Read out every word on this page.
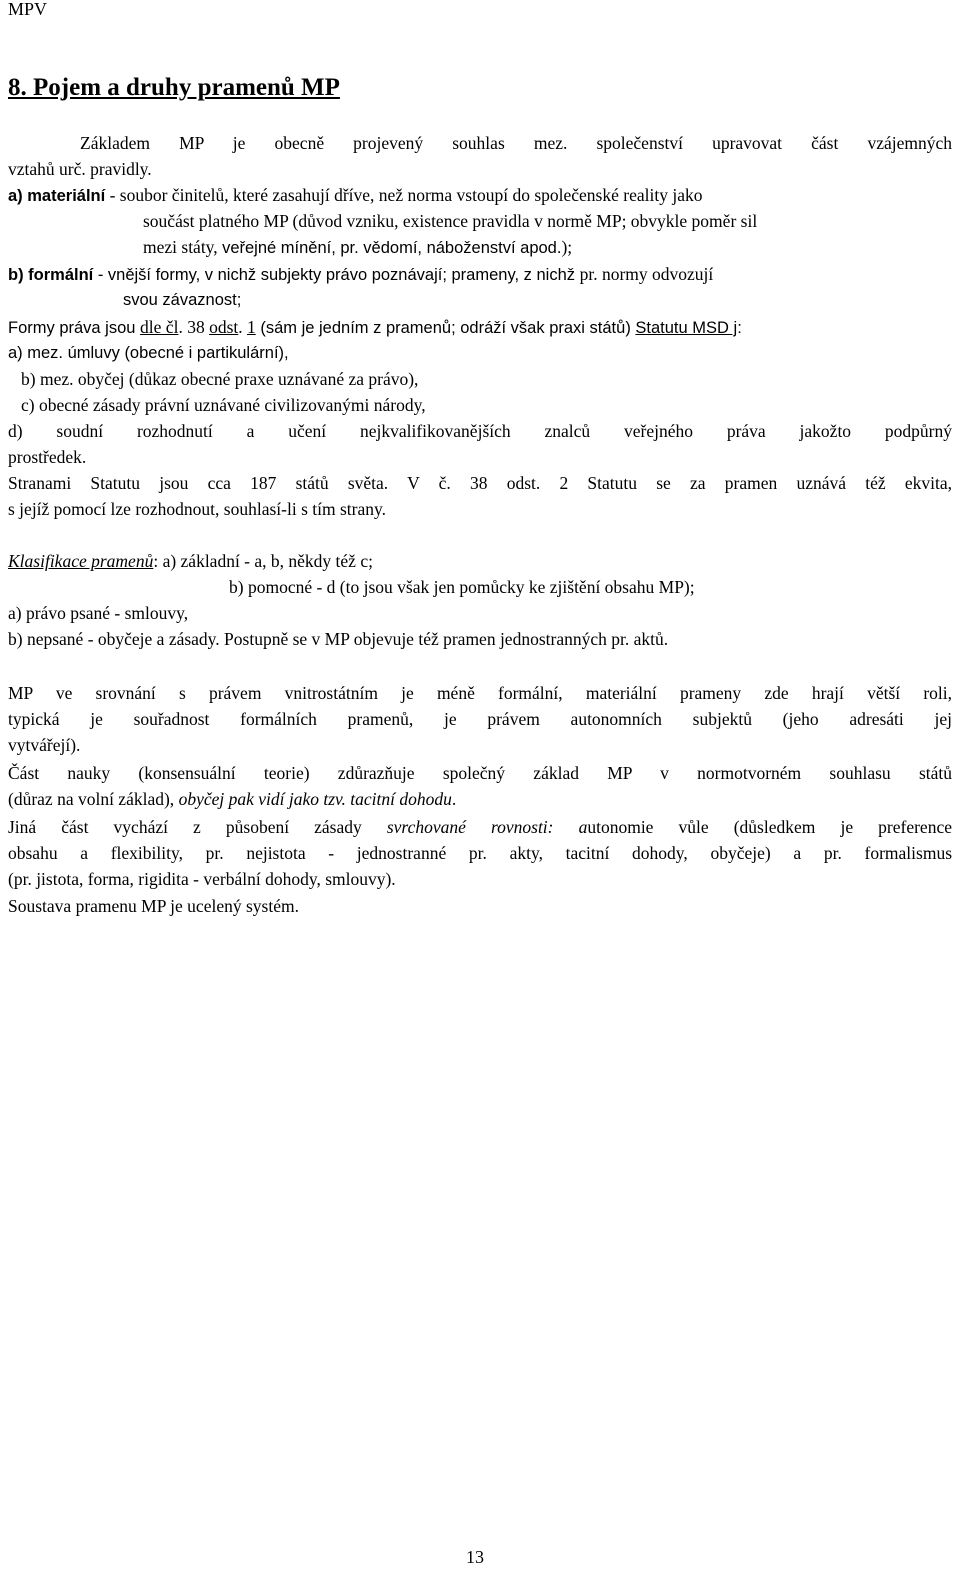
MPV
8. Pojem a druhy pramenů MP

Základem MP je obecně projevený souhlas mez. společenství upravovat část vzájemných

vztahů urč. pravidly.

a) materiální - soubor činitelů, které zasahují dříve, než norma vstoupí do společenské reality jako

součást platného MP (důvod vzniku, existence pravidla v normě MP; obvykle poměr sil

mezi státy, veřejné mínění, pr. vědomí, náboženství apod.);

b) formální - vnější formy, v nichž subjekty právo poznávají; prameny, z nichž pr. normy odvozují

svou závaznost;

Formy práva jsou dle čl. 38 odst. 1 (sám je jedním z pramenů; odráží však praxi států) Statutu MSD j:

a) mez. úmluvy (obecné i partikulární),

b) mez. obyčej (důkaz obecné praxe uznávané za právo),

c) obecné zásady právní uznávané civilizovanými národy,

d) soudní rozhodnutí a učení nejkvalifikovanějších znalců veřejného práva jakožto podpůrný

prostředek.

Stranami Statutu jsou cca 187 států světa. V č. 38 odst. 2 Statutu se za pramen uznává též ekvita,

s jejíž pomocí lze rozhodnout, souhlasí-li s tím strany.

Klasifikace pramenů: a) základní - a, b, někdy též c;

b) pomocné - d (to jsou však jen pomůcky ke zjištění obsahu MP);

a) právo psané - smlouvy,

b) nepsané - obyčeje a zásady. Postupně se v MP objevuje též pramen jednostranných pr. aktů.

MP ve srovnání s právem vnitrostátním je méně formální, materiální prameny zde hrají větší roli,

typická je souřadnost formálních pramenů, je právem autonomních subjektů (jeho adresáti jej

vytvářejí).

Část nauky (konsensuální teorie) zdůrazňuje společný základ MP v normotvorném souhlasu států

(důraz na volní základ), obyčej pak vidí jako tzv. tacitní dohodu.

Jiná část vychází z působení zásady svrchované rovnosti: autonomie vůle (důsledkem je preference

obsahu a flexibility, pr. nejistota - jednostranné pr. akty, tacitní dohody, obyčeje) a pr. formalismus

(pr. jistota, forma, rigidita - verbální dohody, smlouvy).

Soustava pramenu MP je ucelený systém.

13
